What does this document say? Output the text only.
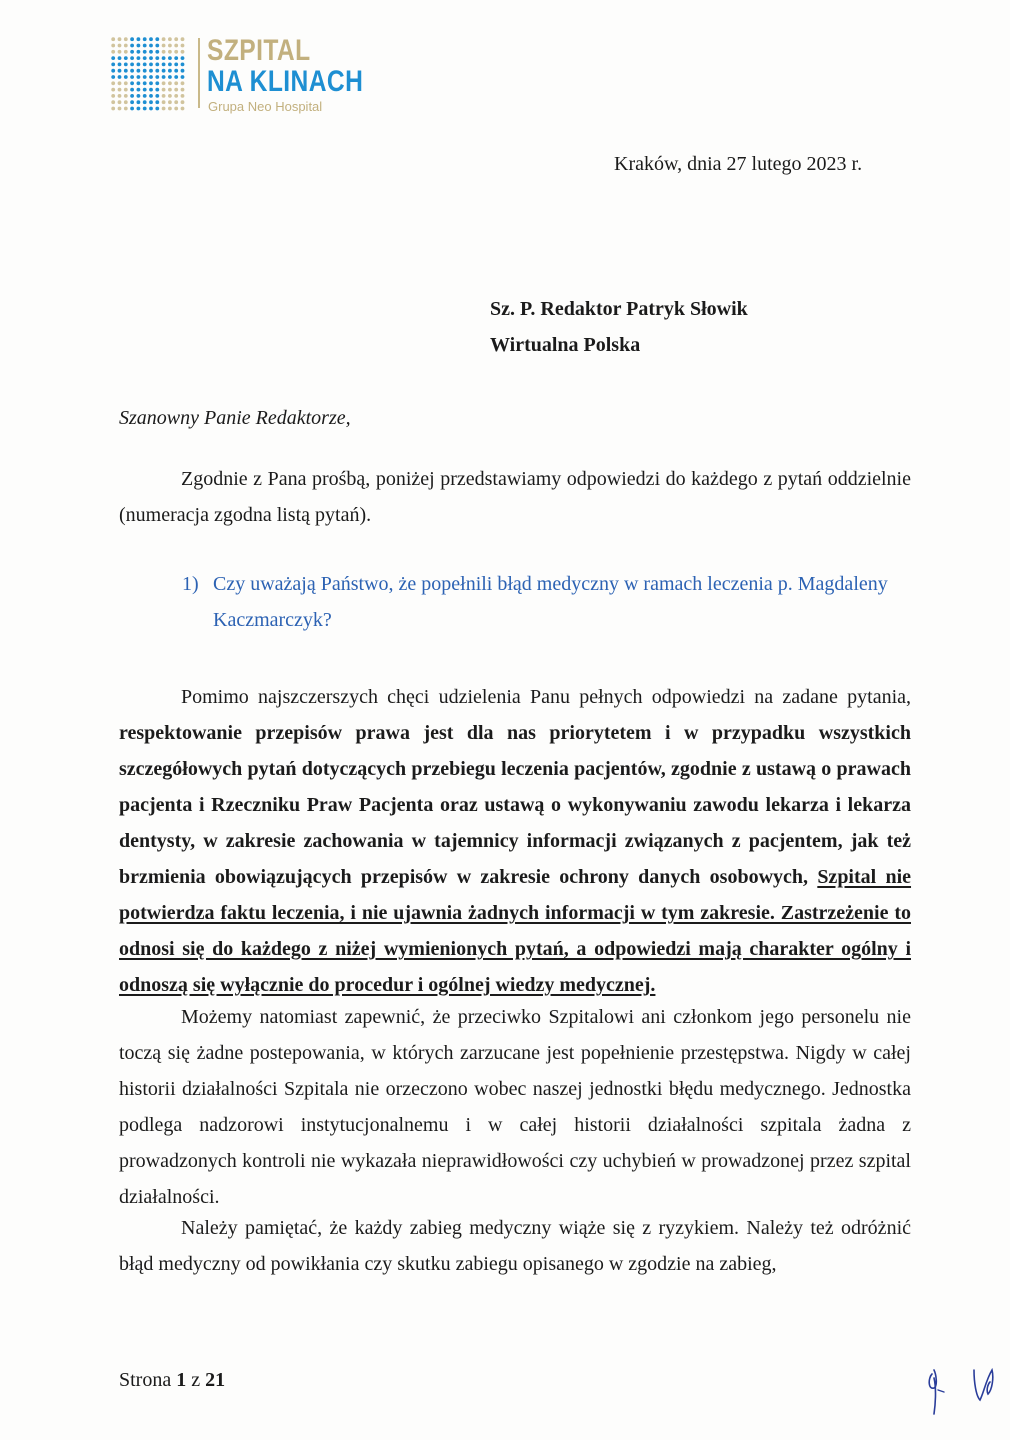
SZPITAL
NA KLINACH
Grupa Neo Hospital
Kraków, dnia 27 lutego 2023 r.
Sz. P. Redaktor Patryk Słowik
Wirtualna Polska
Szanowny Panie Redaktorze,

Zgodnie z Pana prośbą, poniżej przedstawiamy odpowiedzi do każdego z pytań oddzielnie (numeracja zgodna listą pytań).

1) Czy uważają Państwo, że popełnili błąd medyczny w ramach leczenia p. Magdaleny Kaczmarczyk?

Pomimo najszczerszych chęci udzielenia Panu pełnych odpowiedzi na zadane pytania, respektowanie przepisów prawa jest dla nas priorytetem i w przypadku wszystkich szczegółowych pytań dotyczących przebiegu leczenia pacjentów, zgodnie z ustawą o prawach pacjenta i Rzeczniku Praw Pacjenta oraz ustawą o wykonywaniu zawodu lekarza i lekarza dentysty, w zakresie zachowania w tajemnicy informacji związanych z pacjentem, jak też brzmienia obowiązujących przepisów w zakresie ochrony danych osobowych, Szpital nie potwierdza faktu leczenia, i nie ujawnia żadnych informacji w tym zakresie. Zastrzeżenie to odnosi się do każdego z niżej wymienionych pytań, a odpowiedzi mają charakter ogólny i odnoszą się wyłącznie do procedur i ogólnej wiedzy medycznej.

Możemy natomiast zapewnić, że przeciwko Szpitalowi ani członkom jego personelu nie toczą się żadne postepowania, w których zarzucane jest popełnienie przestępstwa. Nigdy w całej historii działalności Szpitala nie orzeczono wobec naszej jednostki błędu medycznego. Jednostka podlega nadzorowi instytucjonalnemu i w całej historii działalności szpitala żadna z prowadzonych kontroli nie wykazała nieprawidłowości czy uchybień w prowadzonej przez szpital działalności.

Należy pamiętać, że każdy zabieg medyczny wiąże się z ryzykiem. Należy też odróżnić błąd medyczny od powikłania czy skutku zabiegu opisanego w zgodzie na zabieg,

Strona 1 z 21
